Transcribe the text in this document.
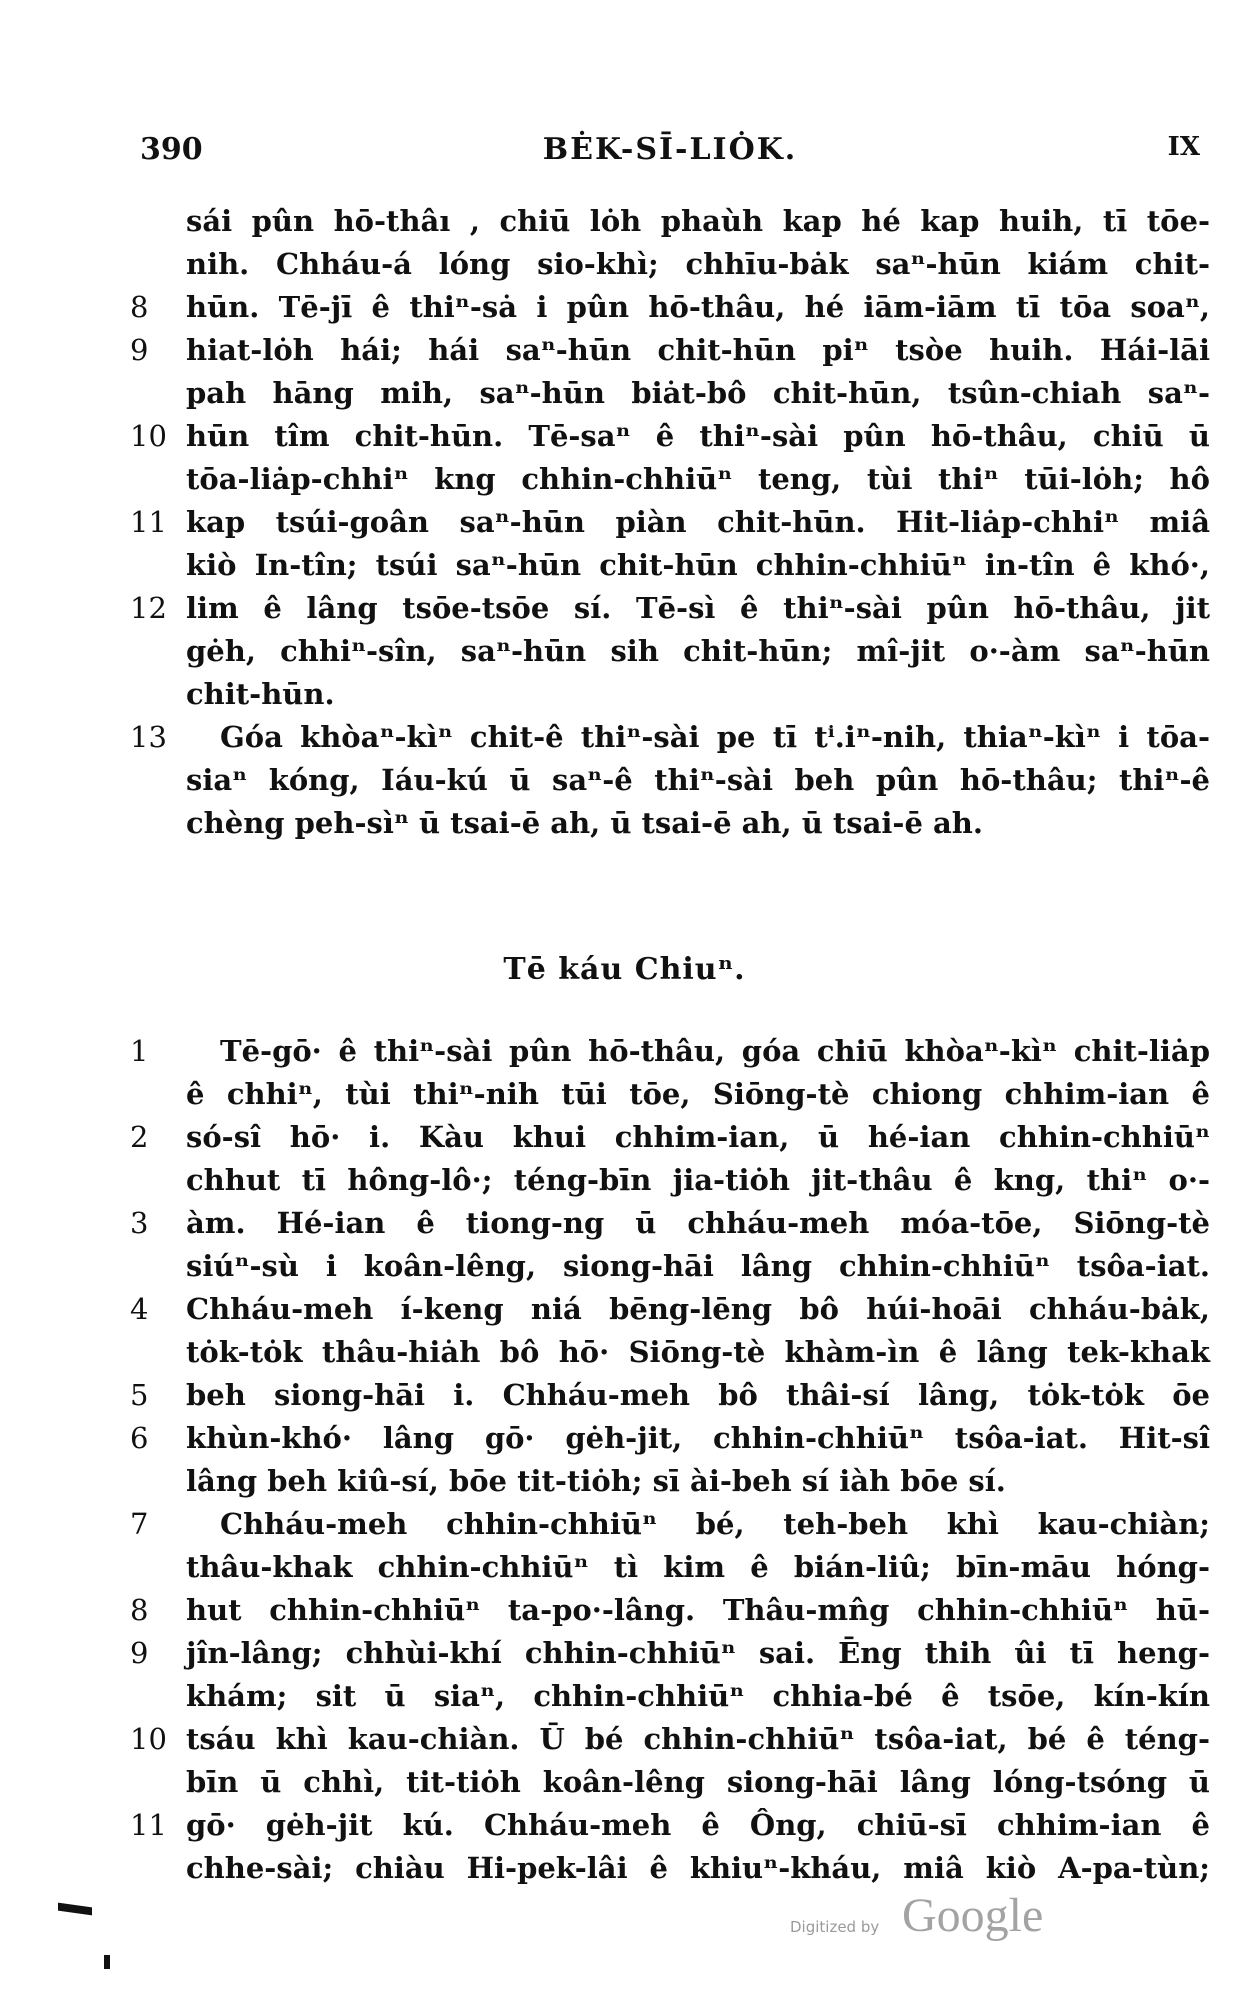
390	BĖK-SĪ-LIȮK.	IX
sái pûn hō-thâı , chiū lȯh phaùh kap hé kap huih, tī tōe-
nih. Chháu-á lóng sio-khì; chhīu-bȧk saⁿ-hūn kiám chit-
8	hūn. Tē-jī ê thiⁿ-sȧ i pûn hō-thâu, hé iām-iām tī tōa soaⁿ,
9	hiat-lȯh hái; hái saⁿ-hūn chit-hūn piⁿ tsòe huih. Hái-lāi
pah hāng mih, saⁿ-hūn biȧt-bô chit-hūn, tsûn-chiah saⁿ-
10 hūn tîm chit-hūn. Tē-saⁿ ê thiⁿ-sài pûn hō-thâu, chiū ū
tōa-liȧp-chhiⁿ kng chhin-chhiūⁿ teng, tùi thiⁿ tūi-lȯh; hô
11 kap tsúi-goân saⁿ-hūn piàn chit-hūn. Hit-liȧp-chhiⁿ miâ
kiò In-tîn; tsúi saⁿ-hūn chit-hūn chhin-chhiūⁿ in-tîn ê khó·,
12 lim ê lâng tsōe-tsōe sí. Tē-sì ê thiⁿ-sài pûn hō-thâu, jit
gėh, chhiⁿ-sîn, saⁿ-hūn sih chit-hūn; mî-jit o·-àm saⁿ-hūn
chit-hūn.
13	Góa khòaⁿ-kìⁿ chit-ê thiⁿ-sài pe tī tⁱ.iⁿ-nih, thiaⁿ-kìⁿ i tōa-
siaⁿ kóng, Iáu-kú ū saⁿ-ê thiⁿ-sài beh pûn hō-thâu; thiⁿ-ê
chèng peh-sìⁿ ū tsai-ē ah, ū tsai-ē ah, ū tsai-ē ah.
Tē káu Chiuⁿ.
1	Tē-gō· ê thiⁿ-sài pûn hō-thâu, góa chiū khòaⁿ-kìⁿ chit-liȧp
ê chhiⁿ, tùi thiⁿ-nih tūi tōe, Siōng-tè chiong chhim-ian ê
2	só-sî hō· i. Kàu khui chhim-ian, ū hé-ian chhin-chhiūⁿ
chhut tī hông-lô·; téng-bīn jia-tiȯh jit-thâu ê kng, thiⁿ o·-
3	àm. Hé-ian ê tiong-ng ū chháu-meh móa-tōe, Siōng-tè
siúⁿ-sù i koân-lêng, siong-hāi lâng chhin-chhiūⁿ tsôa-iat.
4	Chháu-meh í-keng niá bēng-lēng bô húi-hoāi chháu-bȧk,
tȯk-tȯk thâu-hiȧh bô hō· Siōng-tè khàm-ìn ê lâng tek-khak
5	beh siong-hāi i. Chháu-meh bô thâi-sí lâng, tȯk-tȯk ōe
6	khùn-khó· lâng gō· gėh-jit, chhin-chhiūⁿ tsôa-iat. Hit-sî
lâng beh kiû-sí, bōe tit-tiȯh; sī ài-beh sí iàh bōe sí.
7	Chháu-meh chhin-chhiūⁿ bé, teh-beh khì kau-chiàn;
thâu-khak chhin-chhiūⁿ tì kim ê bián-liû; bīn-māu hóng-
8	hut chhin-chhiūⁿ ta-po·-lâng. Thâu-mn̂g chhin-chhiūⁿ hū-
9	jîn-lâng; chhùi-khí chhin-chhiūⁿ sai. Ēng thih ûi tī heng-
khám; sit ū siaⁿ, chhin-chhiūⁿ chhia-bé ê tsōe, kín-kín
10 tsáu khì kau-chiàn. Ū bé chhin-chhiūⁿ tsôa-iat, bé ê téng-
bīn ū chhì, tit-tiȯh koân-lêng siong-hāi lâng lóng-tsóng ū
11 gō· gėh-jit kú. Chháu-meh ê Ông, chiū-sī chhim-ian ê
chhe-sài; chiàu Hi-pek-lâi ê khiuⁿ-kháu, miâ kiò A-pa-tùn;
Digitized by Google
